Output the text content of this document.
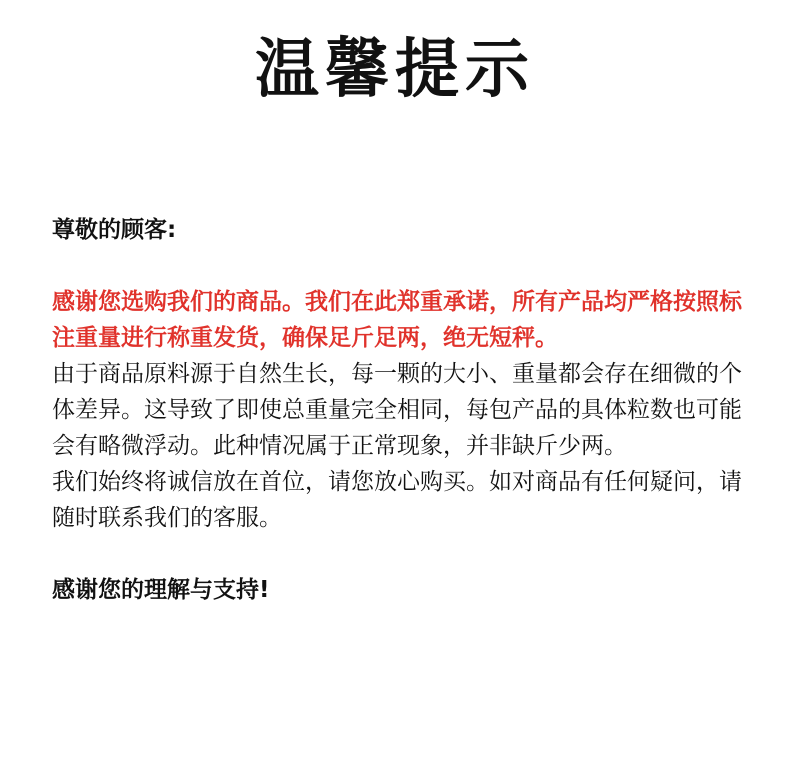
温馨提示

尊敬的顾客:

感谢您选购我们的商品。我们在此郑重承诺，所有产品均严格按照标注重量进行称重发货，确保足斤足两，绝无短秤。

由于商品原料源于自然生长，每一颗的大小、重量都会存在细微的个体差异。这导致了即使总重量完全相同，每包产品的具体粒数也可能会有略微浮动。此种情况属于正常现象，并非缺斤少两。

我们始终将诚信放在首位，请您放心购买。如对商品有任何疑问，请随时联系我们的客服。

感谢您的理解与支持!
